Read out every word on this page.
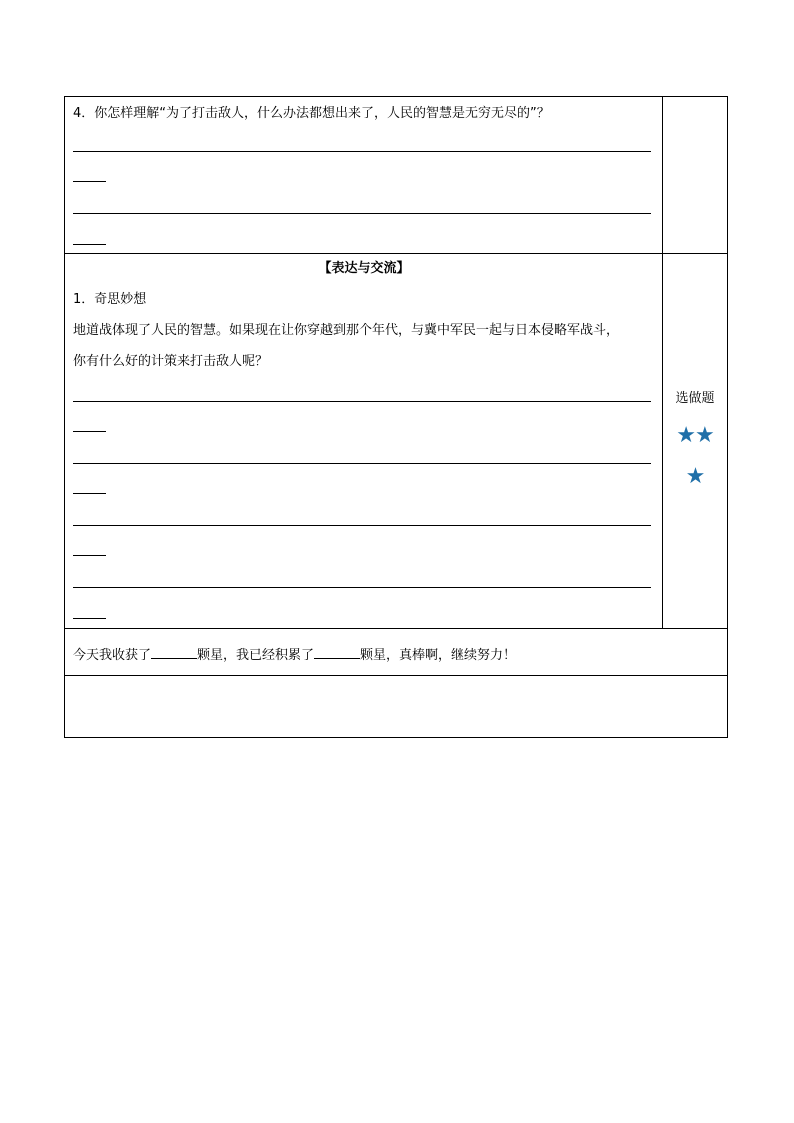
4．你怎样理解“为了打击敌人，什么办法都想出来了，人民的智慧是无穷无尽的”？
【表达与交流】
1．奇思妙想
地道战体现了人民的智慧。如果现在让你穿越到那个年代，与冀中军民一起与日本侵略军战斗，
你有什么好的计策来打击敌人呢？
选做题
★★
★
今天我收获了	颗星，我已经积累了	颗星，真棒啊，继续努力！
